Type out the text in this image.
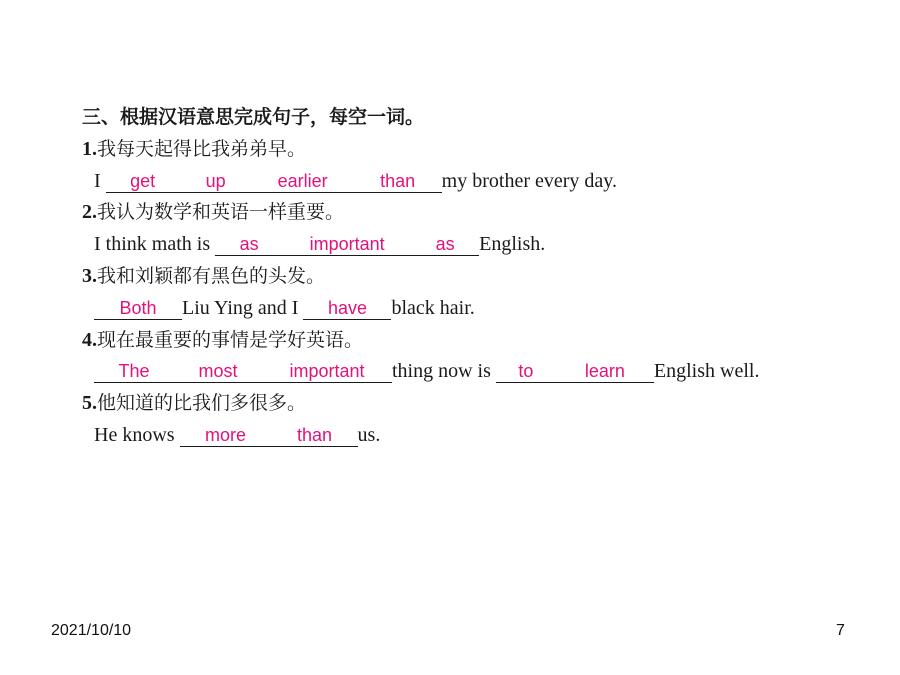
三、根据汉语意思完成句子，每空一词。
1.我每天起得比我弟弟早。
I get	up	earlier	than my brother every day.
2.我认为数学和英语一样重要。
I think math is as	important	as English.
3.我和刘颖都有黑色的头发。
Both Liu Ying and I have black hair.
4.现在最重要的事情是学好英语。
The	most	important thing now is to	learn English well.
5.他知道的比我们多很多。
He knows more	than us.
2021/10/10	7
